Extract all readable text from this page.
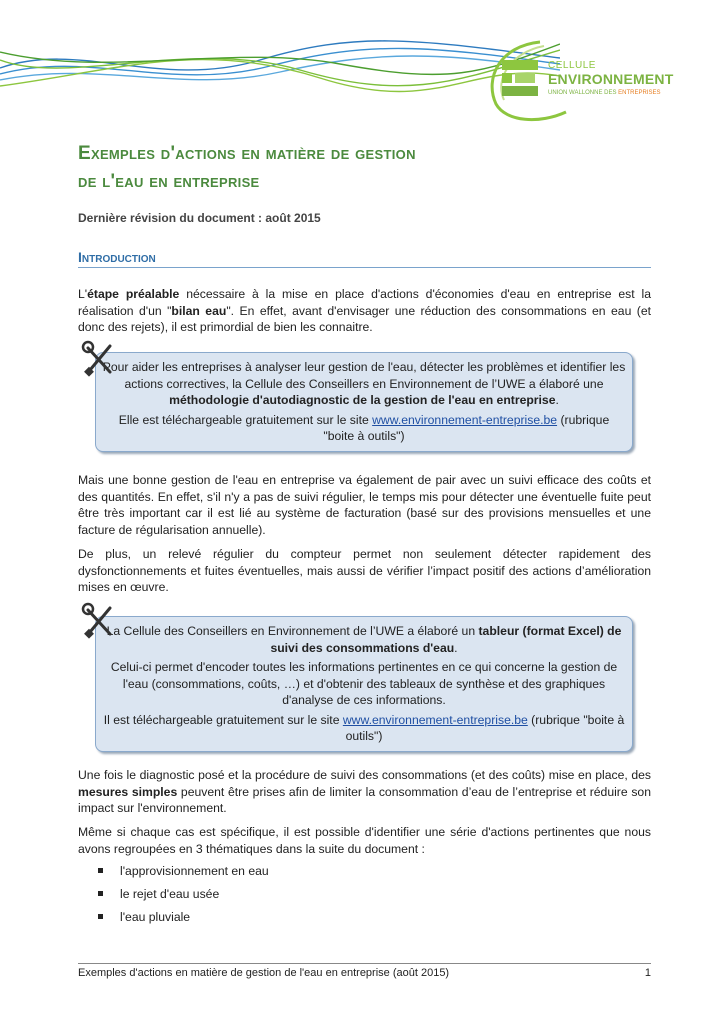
CELLULE
ENVIRONNEMENT
UNION WALLONNE DES ENTREPRISES
Exemples d'actions en matière de gestion
de l'eau en entreprise
Dernière révision du document : août 2015
Introduction
L'étape préalable nécessaire à la mise en place d'actions d'économies d'eau en entreprise est la réalisation d'un "bilan eau". En effet, avant d'envisager une réduction des consommations en eau (et donc des rejets), il est primordial de bien les connaitre.

Pour aider les entreprises à analyser leur gestion de l'eau, détecter les problèmes et identifier les actions correctives, la Cellule des Conseillers en Environnement de l’UWE a élaboré une méthodologie d'autodiagnostic de la gestion de l'eau en entreprise.

Elle est téléchargeable gratuitement sur le site www.environnement-entreprise.be (rubrique "boite à outils")

Mais une bonne gestion de l'eau en entreprise va également de pair avec un suivi efficace des coûts et des quantités. En effet, s'il n'y a pas de suivi régulier, le temps mis pour détecter une éventuelle fuite peut être très important car il est lié au système de facturation (basé sur des provisions mensuelles et une facture de régularisation annuelle).
De plus, un relevé régulier du compteur permet non seulement détecter rapidement des dysfonctionnements et fuites éventuelles, mais aussi de vérifier l’impact positif des actions d’amélioration mises en œuvre.

La Cellule des Conseillers en Environnement de l’UWE a élaboré un tableur (format Excel) de suivi des consommations d'eau.

Celui-ci permet d'encoder toutes les informations pertinentes en ce qui concerne la gestion de l'eau (consommations, coûts, …) et d'obtenir des tableaux de synthèse et des graphiques d'analyse de ces informations.

Il est téléchargeable gratuitement sur le site www.environnement-entreprise.be (rubrique "boite à outils")

Une fois le diagnostic posé et la procédure de suivi des consommations (et des coûts) mise en place, des mesures simples peuvent être prises afin de limiter la consommation d’eau de l’entreprise et réduire son impact sur l'environnement.
Même si chaque cas est spécifique, il est possible d'identifier une série d'actions pertinentes que nous avons regroupées en 3 thématiques dans la suite du document :
l'approvisionnement en eau
le rejet d'eau usée
l'eau pluviale
Exemples d'actions en matière de gestion de l'eau en entreprise (août 2015)	1
